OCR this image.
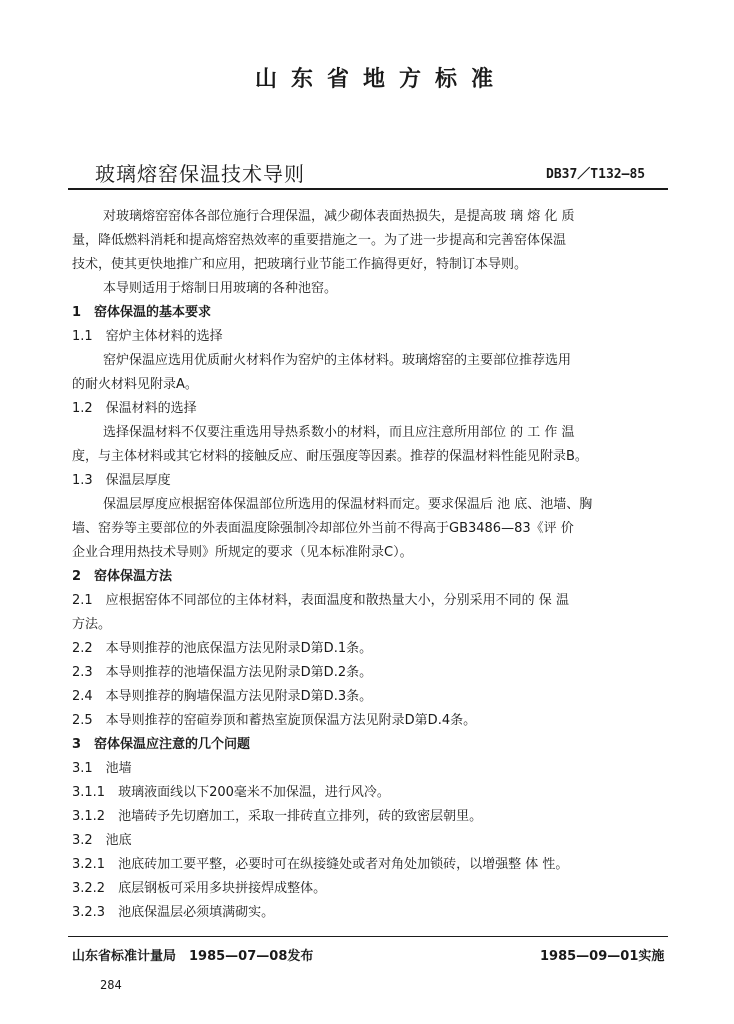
山东省地方标准
玻璃熔窑保温技术导则	DB37／T132—85
对玻璃熔窑窑体各部位施行合理保温，减少砌体表面热损失，是提高玻 璃 熔 化 质
量，降低燃料消耗和提高熔窑热效率的重要措施之一。为了进一步提高和完善窑体保温
技术，使其更快地推广和应用，把玻璃行业节能工作搞得更好，特制订本导则。
本导则适用于熔制日用玻璃的各种池窑。
1　窑体保温的基本要求
1.1　窑炉主体材料的选择
窑炉保温应选用优质耐火材料作为窑炉的主体材料。玻璃熔窑的主要部位推荐选用
的耐火材料见附录A。
1.2　保温材料的选择
选择保温材料不仅要注重选用导热系数小的材料，而且应注意所用部位 的 工 作 温
度，与主体材料或其它材料的接触反应、耐压强度等因素。推荐的保温材料性能见附录B。
1.3　保温层厚度
保温层厚度应根据窑体保温部位所选用的保温材料而定。要求保温后 池 底、池墙、胸
墙、窑券等主要部位的外表面温度除强制冷却部位外当前不得高于GB3486—83《评 价
企业合理用热技术导则》所规定的要求（见本标准附录C）。
2　窑体保温方法
2.1　应根据窑体不同部位的主体材料，表面温度和散热量大小，分别采用不同的 保 温
方法。
2.2　本导则推荐的池底保温方法见附录D第D.1条。
2.3　本导则推荐的池墙保温方法见附录D第D.2条。
2.4　本导则推荐的胸墙保温方法见附录D第D.3条。
2.5　本导则推荐的窑碹券顶和蓄热室旋顶保温方法见附录D第D.4条。
3　窑体保温应注意的几个问题
3.1　池墙
3.1.1　玻璃液面线以下200毫米不加保温，进行风冷。
3.1.2　池墙砖予先切磨加工，采取一排砖直立排列，砖的致密层朝里。
3.2　池底
3.2.1　池底砖加工要平整，必要时可在纵接缝处或者对角处加锁砖，以增强整 体 性。
3.2.2　底层钢板可采用多块拼接焊成整体。
3.2.3　池底保温层必须填满砌实。
山东省标准计量局　1985—07—08发布	1985—09—01实施
284
